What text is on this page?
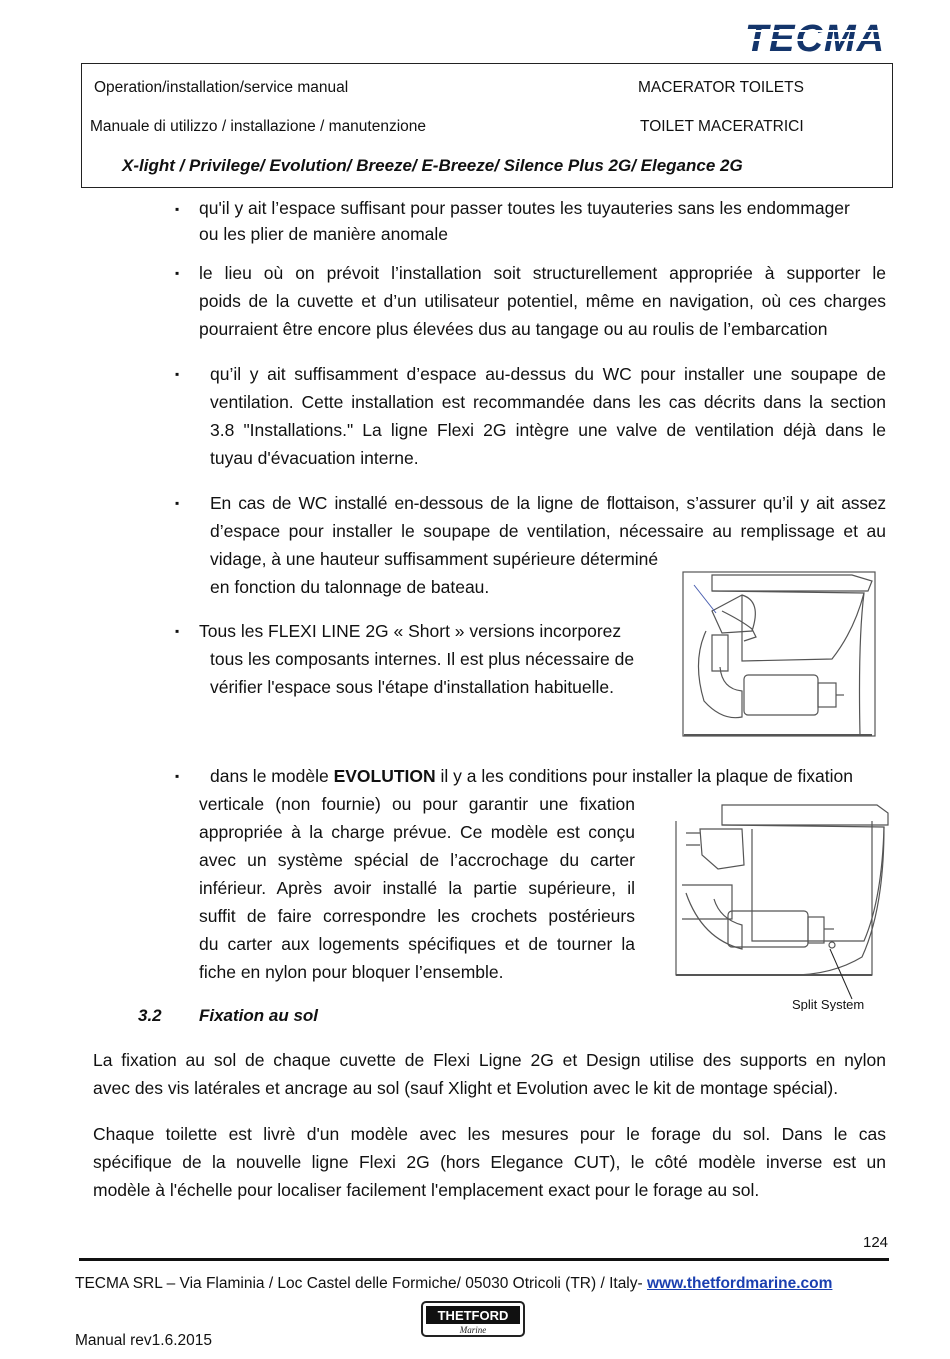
TECMA
Operation/installation/service manual	MACERATOR TOILETS
Manuale di utilizzo / installazione / manutenzione	TOILET MACERATRICI
X-light / Privilege/ Evolution/ Breeze/ E-Breeze/ Silence Plus 2G/ Elegance 2G
▪ qu'il y ait l’espace suffisant pour passer toutes les tuyauteries sans les endommager

ou les plier de manière anomale

▪ le lieu où on prévoit l’installation soit structurellement appropriée à supporter le

poids de la cuvette et d’un utilisateur potentiel, même en navigation, où ces charges

pourraient être encore plus élevées dus au tangage ou au roulis de l’embarcation

▪ qu’il y ait suffisamment d’espace au-dessus du WC pour installer une soupape de

ventilation. Cette installation est recommandée dans les cas décrits dans la section

3.8 "Installations." La ligne Flexi 2G intègre une valve de ventilation déjà dans le

tuyau d'évacuation interne.

▪ En cas de WC installé en-dessous de la ligne de flottaison, s’assurer qu’il y ait assez

d’espace pour installer le soupape de ventilation, nécessaire au remplissage et au

vidage, à une hauteur suffisamment supérieure déterminé

en fonction du talonnage de bateau.

▪ Tous les FLEXI LINE 2G « Short » versions incorporez

tous les composants internes. Il est plus nécessaire de

vérifier l'espace sous l'étape d'installation habituelle.

▪ dans le modèle EVOLUTION il y a les conditions pour installer la plaque de fixation

verticale (non fournie) ou pour garantir une fixation

appropriée à la charge prévue. Ce modèle est conçu

avec un système spécial de l’accrochage du carter

inférieur. Après avoir installé la partie supérieure, il

suffit de faire correspondre les crochets postérieurs

du carter aux logements spécifiques et de tourner la

fiche en nylon pour bloquer l’ensemble.

Split System
3.2 Fixation au sol

La fixation au sol de chaque cuvette de Flexi Ligne 2G et Design utilise des supports en nylon

avec des vis latérales et ancrage au sol (sauf Xlight et Evolution avec le kit de montage spécial).

Chaque toilette est livrè d'un modèle avec les mesures pour le forage du sol. Dans le cas

spécifique de la nouvelle ligne Flexi 2G (hors Elegance CUT), le côté modèle inverse est un

modèle à l'échelle pour localiser facilement l'emplacement exact pour le forage au sol.

124
TECMA SRL – Via Flaminia / Loc Castel delle Formiche/ 05030 Otricoli (TR) / Italy- www.thetfordmarine.com
THETFORD
Marine
Manual rev1.6.2015
